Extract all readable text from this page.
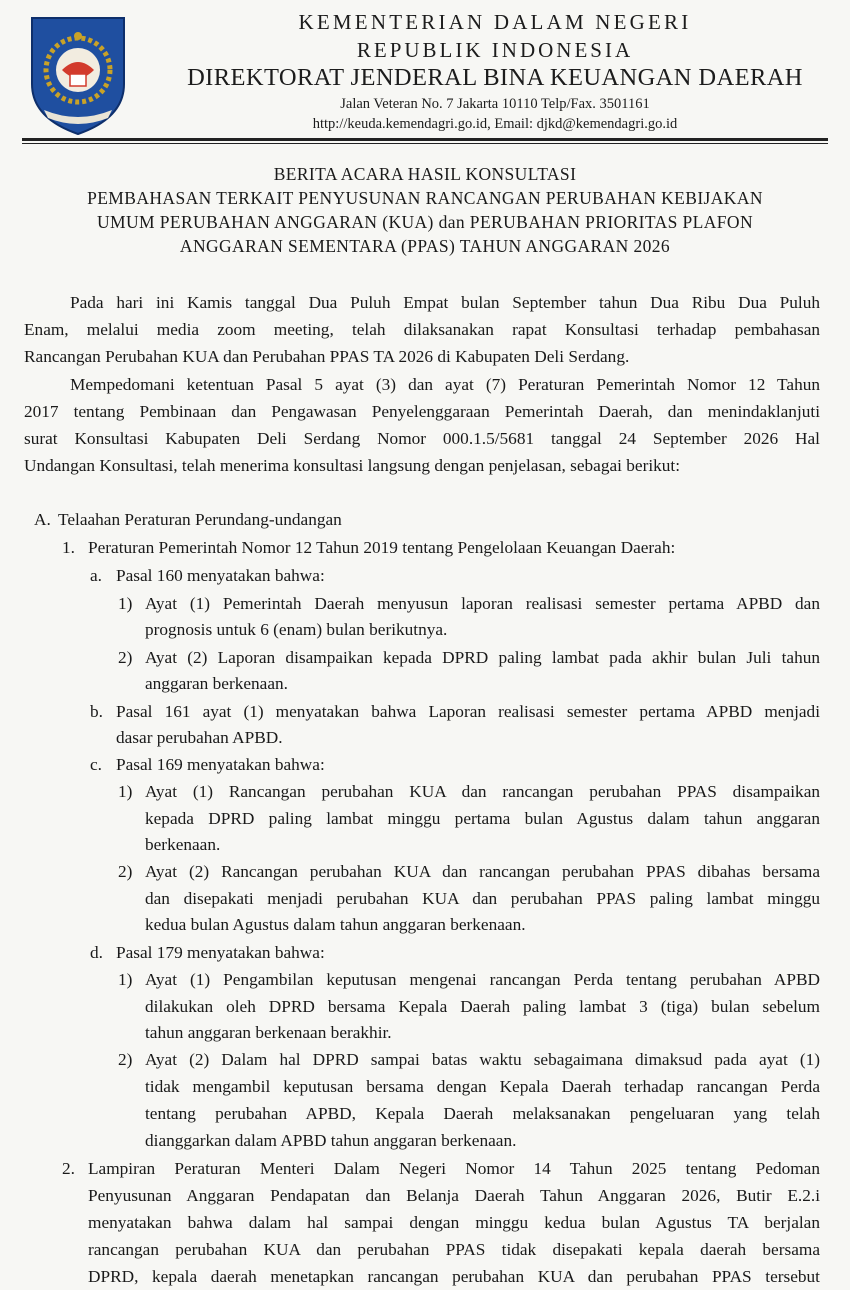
KEMENTERIAN DALAM NEGERI
REPUBLIK INDONESIA
DIREKTORAT JENDERAL BINA KEUANGAN DAERAH
Jalan Veteran No. 7 Jakarta 10110 Telp/Fax. 3501161
http://keuda.kemendagri.go.id, Email: djkd@kemendagri.go.id
BERITA ACARA HASIL KONSULTASI
PEMBAHASAN TERKAIT PENYUSUNAN RANCANGAN PERUBAHAN KEBIJAKAN
UMUM PERUBAHAN ANGGARAN (KUA) dan PERUBAHAN PRIORITAS PLAFON
ANGGARAN SEMENTARA (PPAS) TAHUN ANGGARAN 2026
Pada hari ini Kamis tanggal Dua Puluh Empat bulan September tahun Dua Ribu Dua Puluh
Enam, melalui media zoom meeting, telah dilaksanakan rapat Konsultasi terhadap pembahasan
Rancangan Perubahan KUA dan Perubahan PPAS TA 2026 di Kabupaten Deli Serdang.
Mempedomani ketentuan Pasal 5 ayat (3) dan ayat (7) Peraturan Pemerintah Nomor 12 Tahun
2017 tentang Pembinaan dan Pengawasan Penyelenggaraan Pemerintah Daerah, dan menindaklanjuti
surat Konsultasi Kabupaten Deli Serdang Nomor 000.1.5/5681 tanggal 24 September 2026 Hal
Undangan Konsultasi, telah menerima konsultasi langsung dengan penjelasan, sebagai berikut:
A. Telaahan Peraturan Perundang-undangan
1. Peraturan Pemerintah Nomor 12 Tahun 2019 tentang Pengelolaan Keuangan Daerah:
a. Pasal 160 menyatakan bahwa:
1) Ayat (1) Pemerintah Daerah menyusun laporan realisasi semester pertama APBD dan
prognosis untuk 6 (enam) bulan berikutnya.
2) Ayat (2) Laporan disampaikan kepada DPRD paling lambat pada akhir bulan Juli tahun
anggaran berkenaan.
b. Pasal 161 ayat (1) menyatakan bahwa Laporan realisasi semester pertama APBD menjadi
dasar perubahan APBD.
c. Pasal 169 menyatakan bahwa:
1) Ayat (1) Rancangan perubahan KUA dan rancangan perubahan PPAS disampaikan
kepada DPRD paling lambat minggu pertama bulan Agustus dalam tahun anggaran
berkenaan.
2) Ayat (2) Rancangan perubahan KUA dan rancangan perubahan PPAS dibahas bersama
dan disepakati menjadi perubahan KUA dan perubahan PPAS paling lambat minggu
kedua bulan Agustus dalam tahun anggaran berkenaan.
d. Pasal 179 menyatakan bahwa:
1) Ayat (1) Pengambilan keputusan mengenai rancangan Perda tentang perubahan APBD
dilakukan oleh DPRD bersama Kepala Daerah paling lambat 3 (tiga) bulan sebelum
tahun anggaran berkenaan berakhir.
2) Ayat (2) Dalam hal DPRD sampai batas waktu sebagaimana dimaksud pada ayat (1)
tidak mengambil keputusan bersama dengan Kepala Daerah terhadap rancangan Perda
tentang perubahan APBD, Kepala Daerah melaksanakan pengeluaran yang telah
dianggarkan dalam APBD tahun anggaran berkenaan.
2. Lampiran Peraturan Menteri Dalam Negeri Nomor 14 Tahun 2025 tentang Pedoman
Penyusunan Anggaran Pendapatan dan Belanja Daerah Tahun Anggaran 2026, Butir E.2.i
menyatakan bahwa dalam hal sampai dengan minggu kedua bulan Agustus TA berjalan
rancangan perubahan KUA dan perubahan PPAS tidak disepakati kepala daerah bersama
DPRD, kepala daerah menetapkan rancangan perubahan KUA dan perubahan PPAS tersebut
